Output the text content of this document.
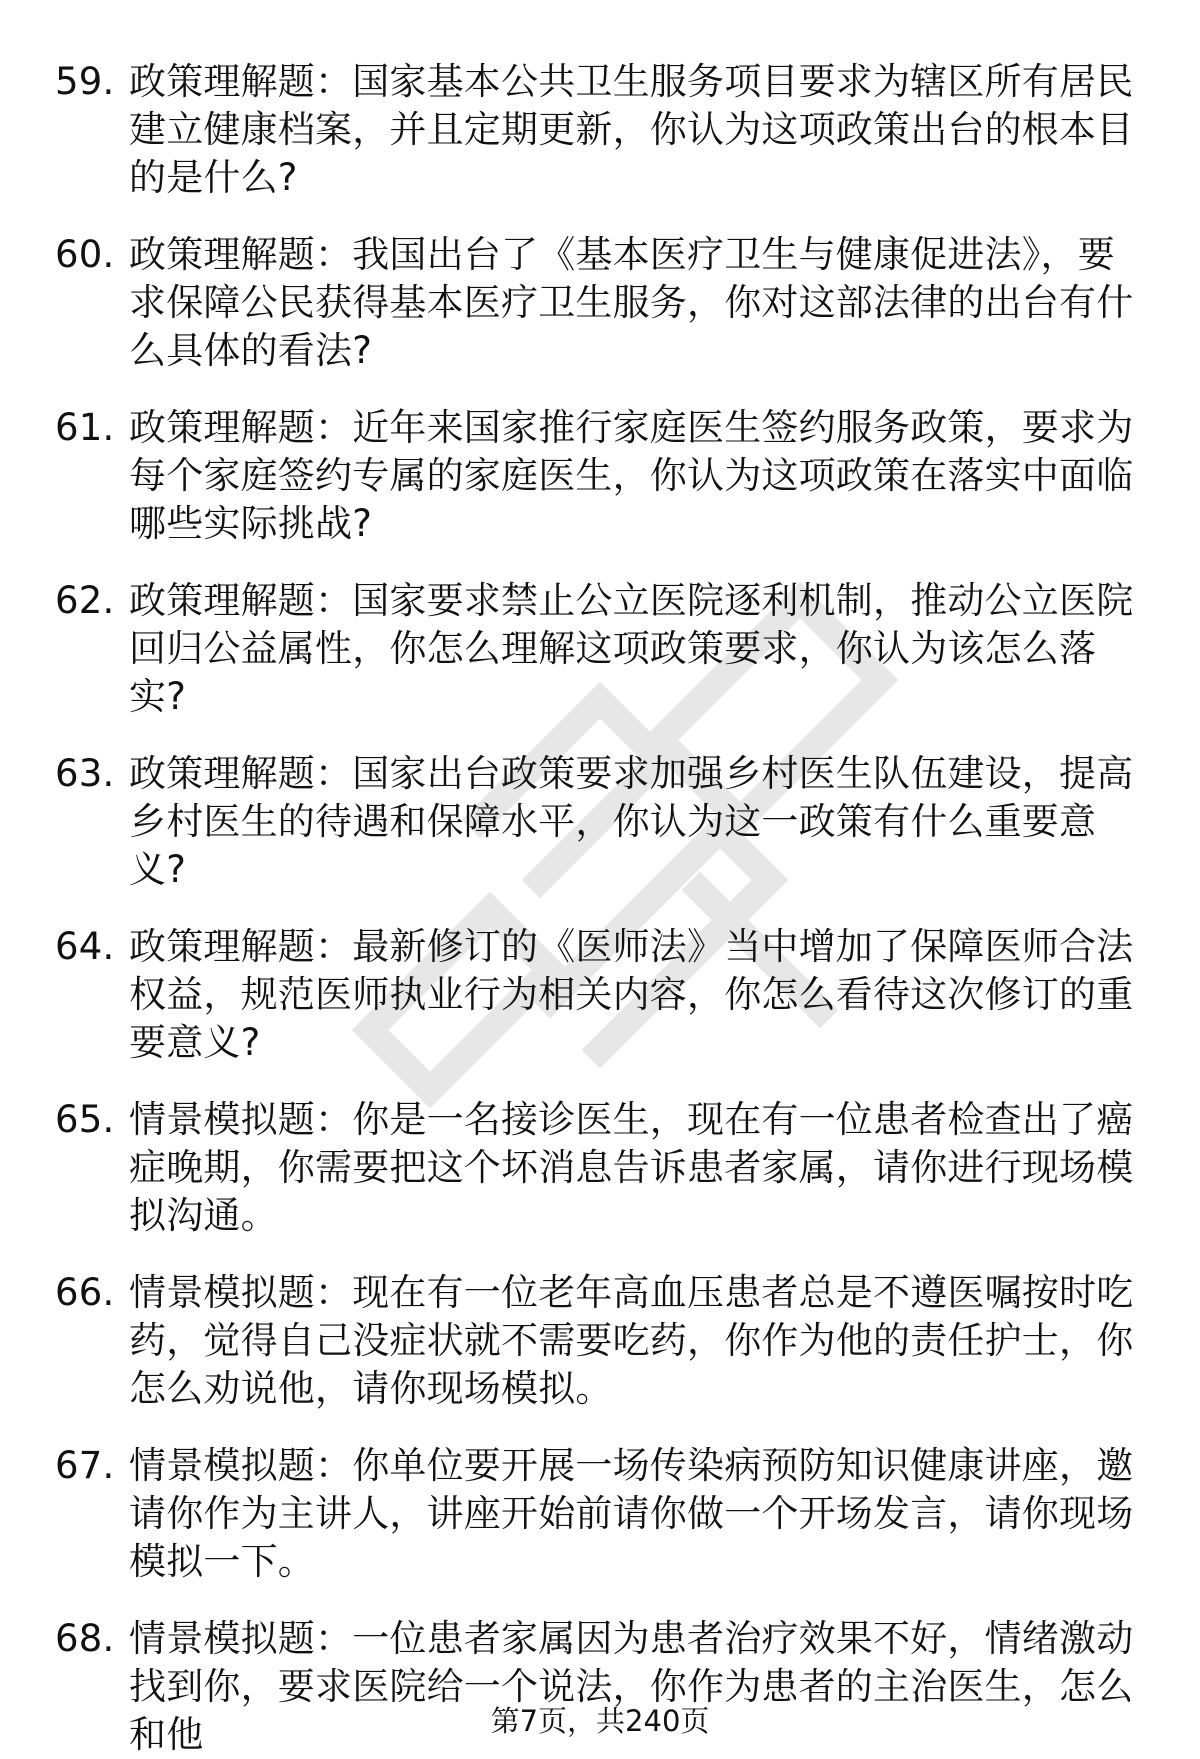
59. 政策理解题：国家基本公共卫生服务项目要求为辖区所有居民建立健康档案，并且定期更新，你认为这项政策出台的根本目的是什么?
60. 政策理解题：我国出台了《基本医疗卫生与健康促进法》，要求保障公民获得基本医疗卫生服务，你对这部法律的出台有什么具体的看法?
61. 政策理解题：近年来国家推行家庭医生签约服务政策，要求为每个家庭签约专属的家庭医生，你认为这项政策在落实中面临哪些实际挑战?
62. 政策理解题：国家要求禁止公立医院逐利机制，推动公立医院回归公益属性，你怎么理解这项政策要求，你认为该怎么落实?
63. 政策理解题：国家出台政策要求加强乡村医生队伍建设，提高乡村医生的待遇和保障水平，你认为这一政策有什么重要意义?
64. 政策理解题：最新修订的《医师法》当中增加了保障医师合法权益，规范医师执业行为相关内容，你怎么看待这次修订的重要意义?
65. 情景模拟题：你是一名接诊医生，现在有一位患者检查出了癌症晚期，你需要把这个坏消息告诉患者家属，请你进行现场模拟沟通。
66. 情景模拟题：现在有一位老年高血压患者总是不遵医嘱按时吃药，觉得自己没症状就不需要吃药，你作为他的责任护士，你怎么劝说他，请你现场模拟。
67. 情景模拟题：你单位要开展一场传染病预防知识健康讲座，邀请你作为主讲人，讲座开始前请你做一个开场发言，请你现场模拟一下。
68. 情景模拟题：一位患者家属因为患者治疗效果不好，情绪激动找到你，要求医院给一个说法，你作为患者的主治医生，怎么和他	第7页，共240页
